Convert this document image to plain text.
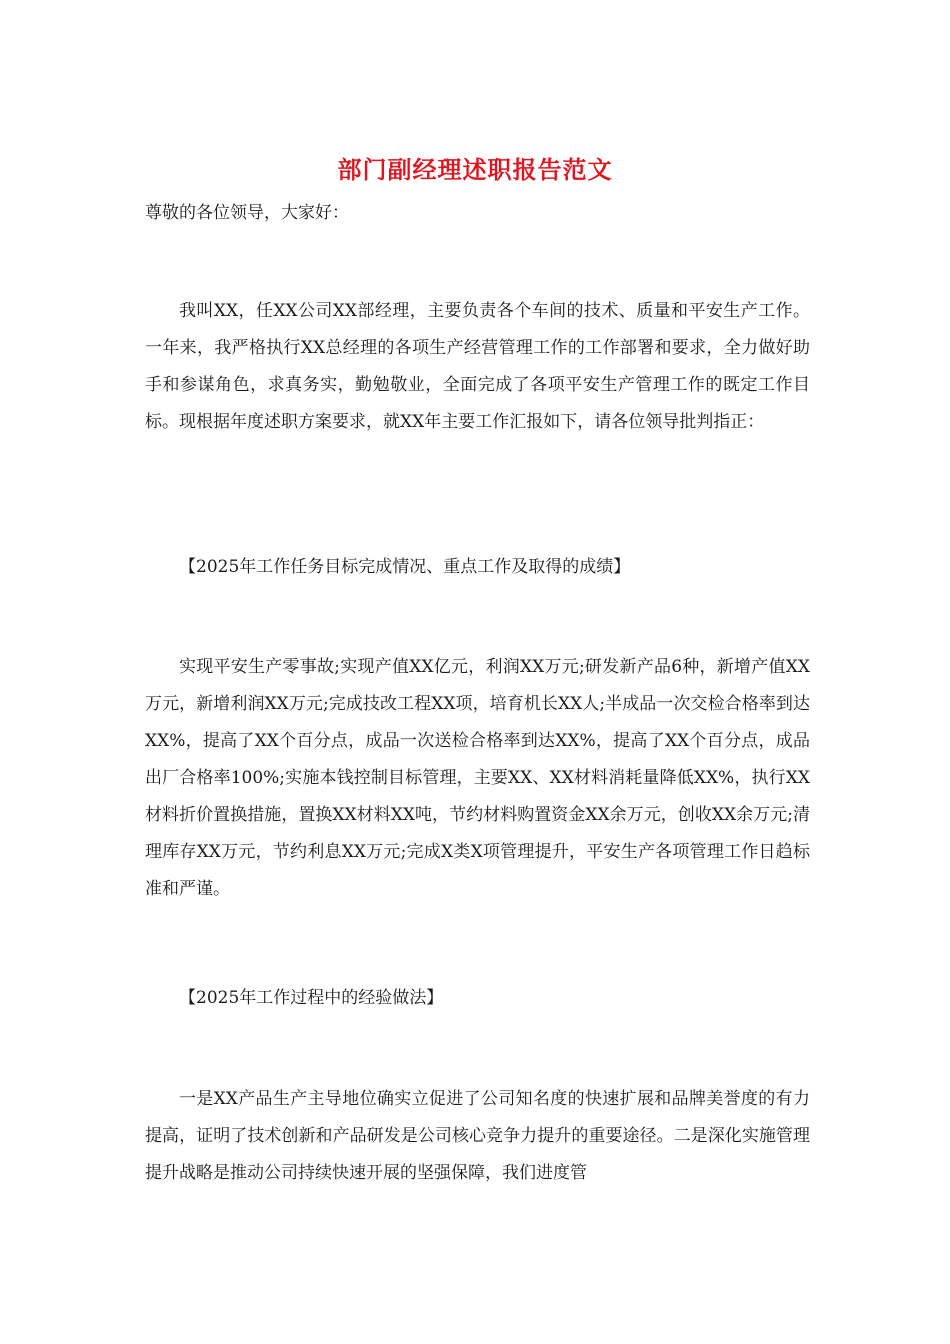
部门副经理述职报告范文

尊敬的各位领导，大家好：

我叫XX，任XX公司XX部经理，主要负责各个车间的技术、质量和平安生产工作。一年来，我严格执行XX总经理的各项生产经营管理工作的工作部署和要求，全力做好助手和参谋角色，求真务实，勤勉敬业，全面完成了各项平安生产管理工作的既定工作目标。现根据年度述职方案要求，就XX年主要工作汇报如下，请各位领导批判指正：

【2025年工作任务目标完成情况、重点工作及取得的成绩】

实现平安生产零事故;实现产值XX亿元，利润XX万元;研发新产品6种，新增产值XX万元，新增利润XX万元;完成技改工程XX项，培育机长XX人;半成品一次交检合格率到达XX%，提高了XX个百分点，成品一次送检合格率到达XX%，提高了XX个百分点，成品出厂合格率100%;实施本钱控制目标管理，主要XX、XX材料消耗量降低XX%，执行XX材料折价置换措施，置换XX材料XX吨，节约材料购置资金XX余万元，创收XX余万元;清理库存XX万元，节约利息XX万元;完成X类X项管理提升，平安生产各项管理工作日趋标准和严谨。

【2025年工作过程中的经验做法】

一是XX产品生产主导地位确实立促进了公司知名度的快速扩展和品牌美誉度的有力提高，证明了技术创新和产品研发是公司核心竞争力提升的重要途径。二是深化实施管理提升战略是推动公司持续快速开展的坚强保障，我们进度管
